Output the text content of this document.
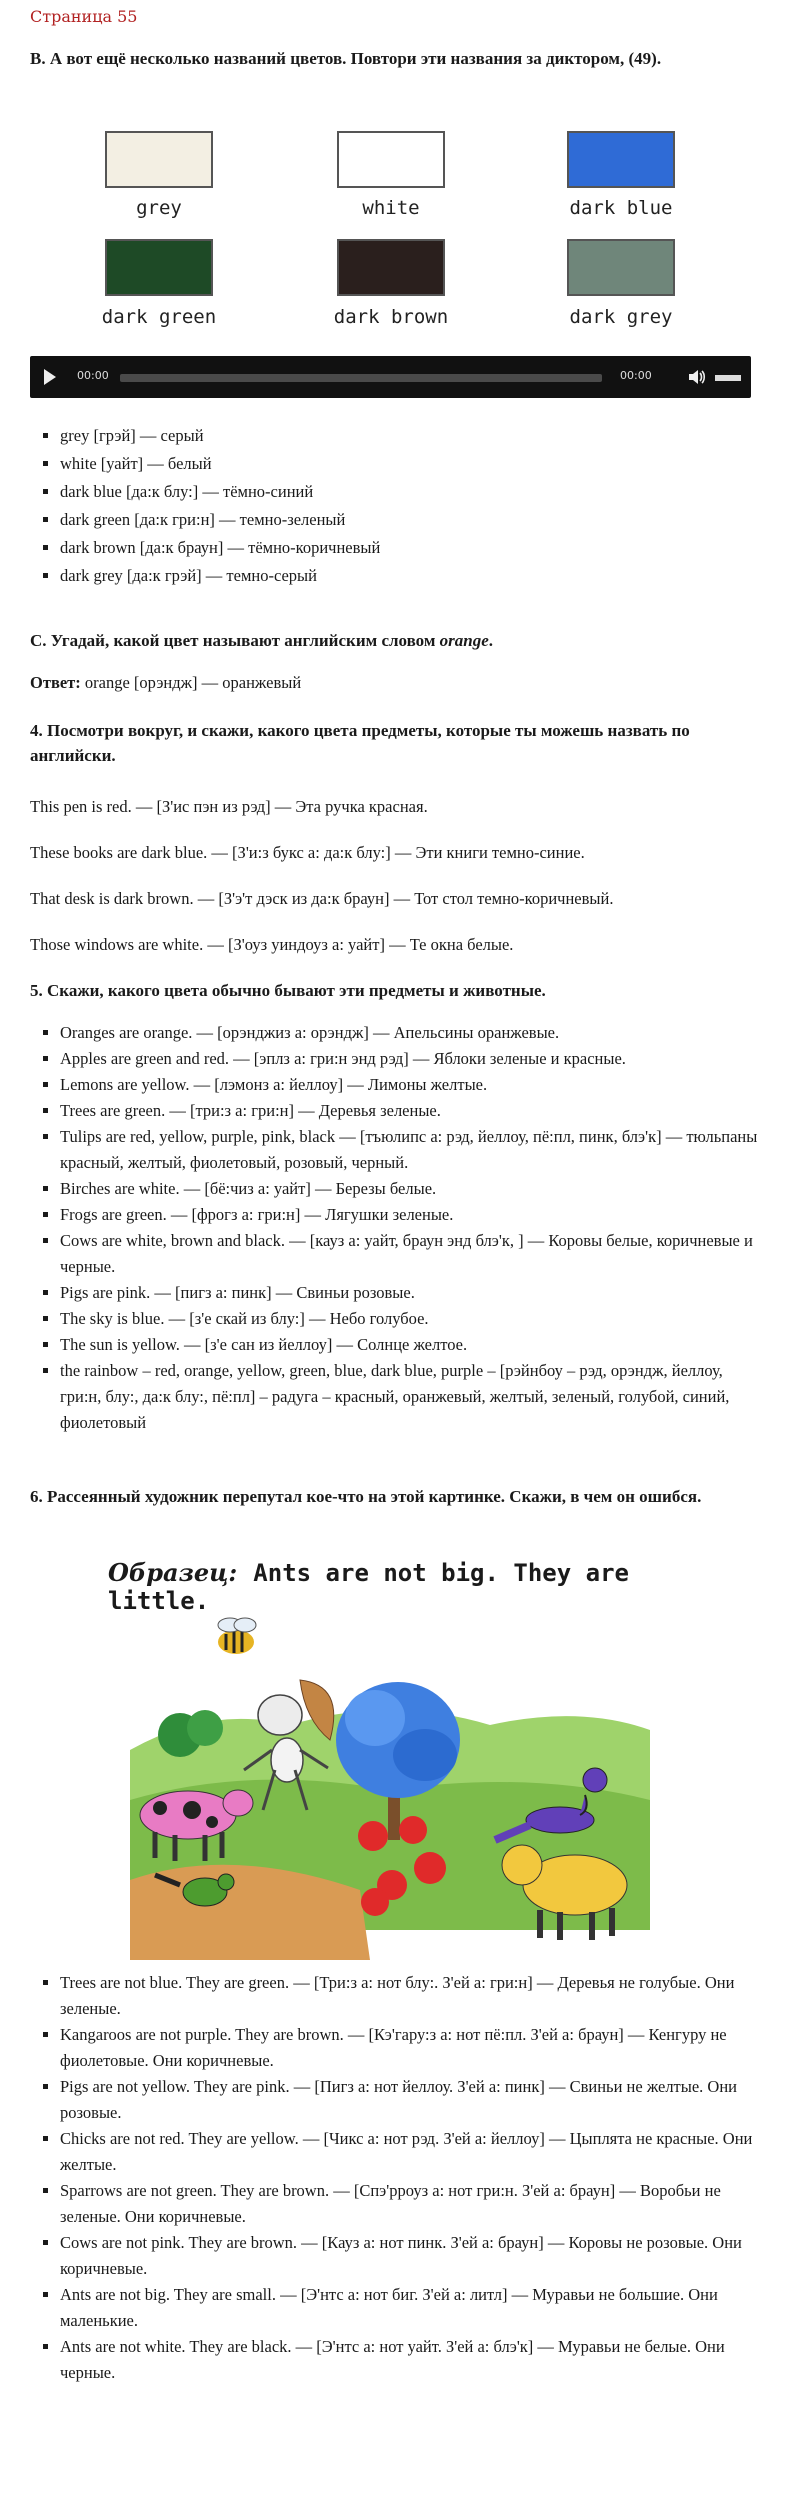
Страница 55
B. А вот ещё несколько названий цветов. Повтори эти названия за диктором, (49).
grey	white	dark blue
dark green	dark brown	dark grey
00:00	00:00
▪ grey [грэй] — серый
▪ white [уайт] — белый
▪ dark blue [да:к блу:] — тёмно-синий
▪ dark green [да:к гри:н] — темно-зеленый
▪ dark brown [да:к браун] — тёмно-коричневый
▪ dark grey [да:к грэй] — темно-серый
C. Угадай, какой цвет называют английским словом orange.

Ответ: orange [орэндж] — оранжевый

4. Посмотри вокруг, и скажи, какого цвета предметы, которые ты можешь назвать по английски.

This pen is red. — [З'ис пэн из рэд] — Эта ручка красная.

These books are dark blue. — [З'и:з букс а: да:к блу:] — Эти книги темно-синие.

That desk is dark brown. — [З'э'т дэск из да:к браун] — Тот стол темно-коричневый.

Those windows are white. — [З'оуз уиндоуз а: уайт] — Те окна белые.

5. Скажи, какого цвета обычно бывают эти предметы и животные.
▪ Oranges are orange. — [орэнджиз а: орэндж] — Апельсины оранжевые.
▪ Apples are green and red. — [эплз а: гри:н энд рэд] — Яблоки зеленые и красные.
▪ Lemons are yellow. — [лэмонз а: йеллоу] — Лимоны желтые.
▪ Trees are green. — [три:з а: гри:н] — Деревья зеленые.
▪ Tulips are red, yellow, purple, pink, black — [тъюлипс а: рэд, йеллоу, пё:пл, пинк, блэ'к] — тюльпаны красный, желтый, фиолетовый, розовый, черный.
▪ Birches are white. — [бё:чиз а: уайт] — Березы белые.
▪ Frogs are green. — [фрогз а: гри:н] — Лягушки зеленые.
▪ Cows are white, brown and black. — [кауз а: уайт, браун энд блэ'к, ] — Коровы белые, коричневые и черные.
▪ Pigs are pink. — [пигз а: пинк] — Свиньи розовые.
▪ The sky is blue. — [з'е скай из блу:] — Небо голубое.
▪ The sun is yellow. — [з'е сан из йеллоу] — Солнце желтое.
▪ the rainbow – red, orange, yellow, green, blue, dark blue, purple – [рэйнбоу – рэд, орэндж, йеллоу, гри:н, блу:, да:к блу:, пё:пл] – радуга – красный, оранжевый, желтый, зеленый, голубой, синий, фиолетовый
6. Рассеянный художник перепутал кое-что на этой картинке. Скажи, в чем он ошибся.
Образец: Ants are not big. They are little.
▪ Trees are not blue. They are green. — [Три:з а: нот блу:. З'ей а: гри:н] — Деревья не голубые. Они зеленые.
▪ Kangaroos are not purple. They are brown. — [Кэ'гару:з а: нот пё:пл. З'ей а: браун] — Кенгуру не фиолетовые. Они коричневые.
▪ Pigs are not yellow. They are pink. — [Пигз а: нот йеллоу. З'ей а: пинк] — Свиньи не желтые. Они розовые.
▪ Chicks are not red. They are yellow. — [Чикс а: нот рэд. З'ей а: йеллоу] — Цыплята не красные. Они желтые.
▪ Sparrows are not green. They are brown. — [Спэ'рроуз а: нот гри:н. З'ей а: браун] — Воробьи не зеленые. Они коричневые.
▪ Cows are not pink. They are brown. — [Кауз а: нот пинк. З'ей а: браун] — Коровы не розовые. Они коричневые.
▪ Ants are not big. They are small. — [Э'нтс а: нот биг. З'ей а: литл] — Муравьи не большие. Они маленькие.
▪ Ants are not white. They are black. — [Э'нтс а: нот уайт. З'ей а: блэ'к] — Муравьи не белые. Они черные.
